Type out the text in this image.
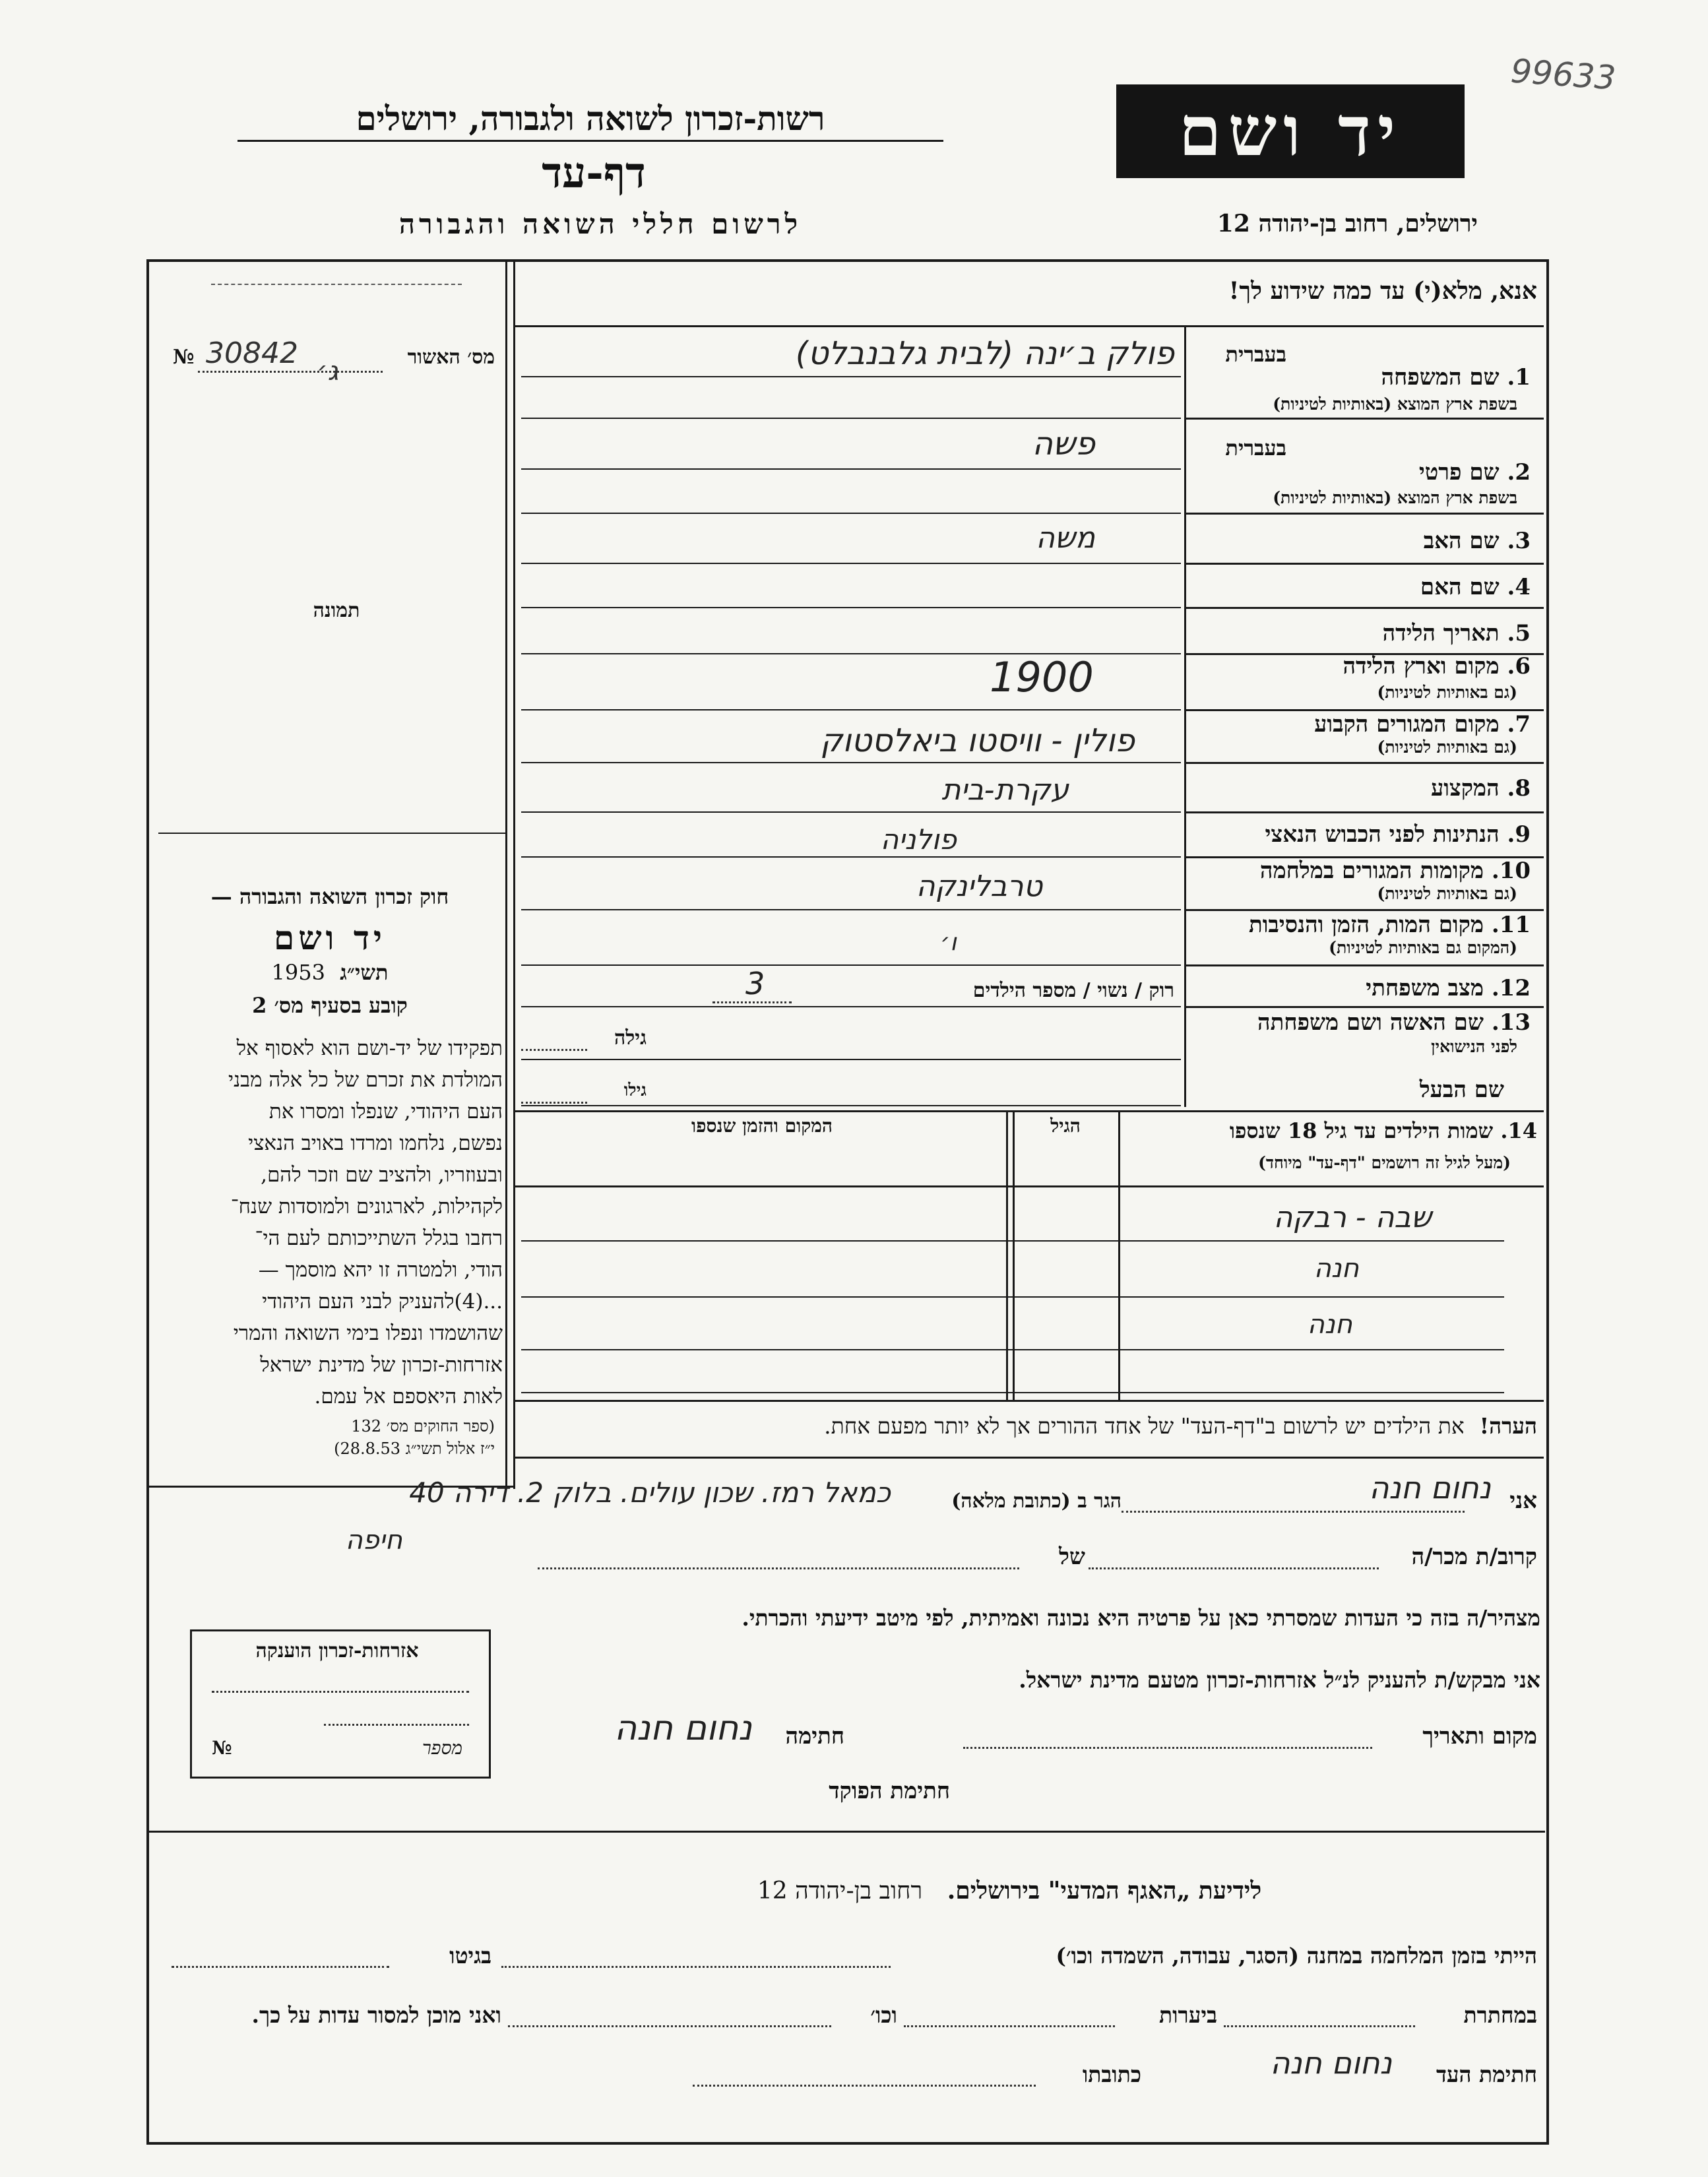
99633
רשות-זכרון לשואה ולגבורה, ירושלים
דף-עד
לרשום חללי השואה והגבורה
יד ושם
ירושלים, רחוב בן-יהודה 12
אנא, מלא(י) עד כמה שידוע לך!
מס׳ האשור
№ 30842
ג׳
תמונה
חוק זכרון השואה והגבורה —
יד ושם
תשי״ג  1953
קובע בסעיף מס׳ 2
תפקידו של יד-ושם הוא לאסוף אל
המולדת את זכרם של כל אלה מבני
העם היהודי, שנפלו ומסרו את
נפשם, נלחמו ומרדו באויב הנאצי
ובעוזריו, ולהציב שם וזכר להם,
לקהילות, לארגונים ולמוסדות שנח־
רחבו בגלל השתייכותם לעם הי־
הודי, ולמטרה זו יהא מוסמך —
...(4)להעניק לבני העם היהודי
שהושמדו ונפלו בימי השואה והמרי
אזרחות-זכרון של מדינת ישראל
לאות היאספם אל עמם.
(ספר החוקים מס׳ 132
י״ז אלול תשי״ג 28.8.53)
בעברית
1. שם המשפחה
בשפת ארץ המוצא (באותיות לטיניות)
פולק ב׳ינה (לבית גלבנבלט)
בעברית
2. שם פרטי
בשפת ארץ המוצא (באותיות לטיניות)
פשה
3. שם האב
משה
4. שם האם
5. תאריך הלידה
1900	6. מקום וארץ הלידה
(גם באותיות לטיניות)
7. מקום המגורים הקבוע
(גם באותיות לטיניות)
פולין - וויסטו ביאלסטוק
8. המקצוע
עקרת-בית
9. הנתינות לפני הכבוש הנאצי
פולניה
10. מקומות המגורים במלחמה
(גם באותיות לטיניות)
טרבלינקה
11. מקום המות, הזמן והנסיבות
(המקום גם באותיות לטיניות)
ו׳
12. מצב משפחתי
רוק / נשוי / מספר הילדים
3
13. שם האשה ושם משפחתה
לפני הנישואין
גילה
שם הבעל
גילו
14. שמות הילדים עד גיל 18 שנספו
(מעל לגיל זה רושמים "דף-עד" מיוחד)
הגיל
המקום והזמן שנספו
שבה - רבקה
חנה
חנה
הערה!  את הילדים יש לרשום ב"דף-העד" של אחד ההורים אך לא יותר מפעם אחת.
אני
נחום חנה
הגר ב (כתובת מלאה)
כמאל רמז. שכון עולים. בלוק 2. דירה 40
חיפה
קרוב/ת מכר/ה
של
מצהיר/ה בזה כי העדות שמסרתי כאן על פרטיה היא נכונה ואמיתית, לפי מיטב ידיעתי והכרתי.
אני מבקש/ת להעניק לנ״ל אזרחות-זכרון מטעם מדינת ישראל.
מקום ותאריך
חתימה
נחום חנה
חתימת הפוקד
אזרחות-זכרון הוענקה
№	מספר
לידיעת „האגף המדעי" בירושלים.   רחוב בן-יהודה 12
הייתי בזמן המלחמה במחנה (הסגר, עבודה, השמדה וכו׳)
בגיטו
במחתרת
ביערות
וכו׳
ואני מוכן למסור עדות על כך.
חתימת העד
נחום חנה
כתובתו
